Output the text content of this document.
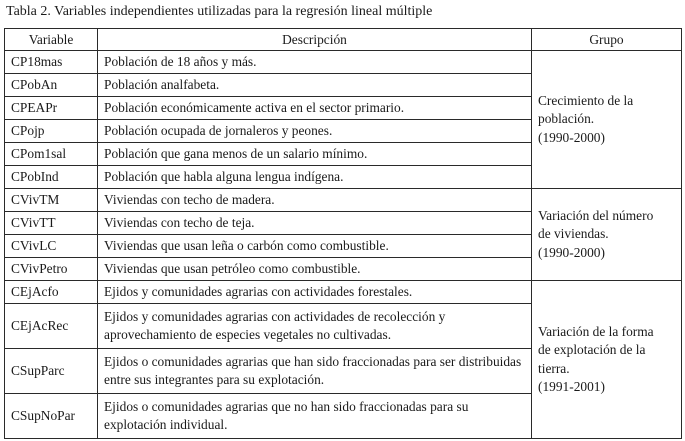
Tabla 2. Variables independientes utilizadas para la regresión lineal múltiple
Variable	Descripción	Grupo
CP18mas	Población de 18 años y más.	Crecimiento de la
población.
(1990-2000)

CPobAn	Población analfabeta.	
CPEAPr	Población económicamente activa en el sector primario.	
CPojp	Población ocupada de jornaleros y peones.	
CPom1sal	Población que gana menos de un salario mínimo.	
CPobInd	Población que habla alguna lengua indígena.	
CVivTM	Viviendas con techo de madera.	Variación del número
de viviendas.
(1990-2000)

CVivTT	Viviendas con techo de teja.	
CVivLC	Viviendas que usan leña o carbón como combustible.	
CVivPetro	Viviendas que usan petróleo como combustible.	
CEjAcfo	Ejidos y comunidades agrarias con actividades forestales.	Variación de la forma
de explotación de la
tierra.
(1991-2001)

CEjAcRec	Ejidos y comunidades agrarias con actividades de recolección y aprovechamiento de especies vegetales no cultivadas.	
CSupParc	Ejidos o comunidades agrarias que han sido fraccionadas para ser distribuidas entre sus integrantes para su explotación.	
CSupNoPar	Ejidos o comunidades agrarias que no han sido fraccionadas para su explotación individual.	
